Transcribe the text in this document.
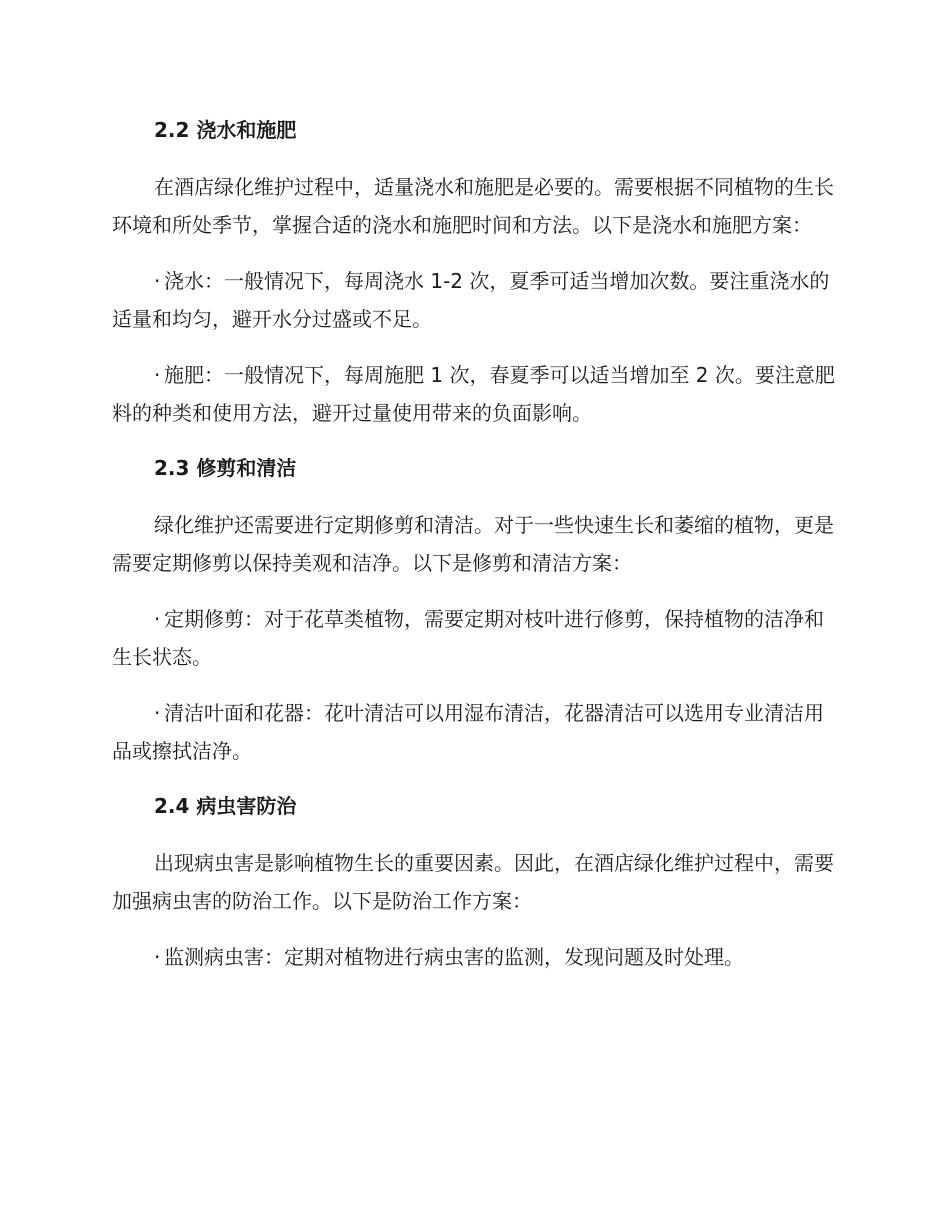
2.2 浇水和施肥

在酒店绿化维护过程中，适量浇水和施肥是必要的。需要根据不同植物的生长环境和所处季节，掌握合适的浇水和施肥时间和方法。以下是浇水和施肥方案：

· 浇水：一般情况下，每周浇水 1-2 次，夏季可适当增加次数。要注重浇水的适量和均匀，避开水分过盛或不足。

· 施肥：一般情况下，每周施肥 1 次，春夏季可以适当增加至 2 次。要注意肥料的种类和使用方法，避开过量使用带来的负面影响。

2.3 修剪和清洁

绿化维护还需要进行定期修剪和清洁。对于一些快速生长和萎缩的植物，更是需要定期修剪以保持美观和洁净。以下是修剪和清洁方案：

· 定期修剪：对于花草类植物，需要定期对枝叶进行修剪，保持植物的洁净和生长状态。

· 清洁叶面和花器：花叶清洁可以用湿布清洁，花器清洁可以选用专业清洁用品或擦拭洁净。

2.4 病虫害防治

出现病虫害是影响植物生长的重要因素。因此，在酒店绿化维护过程中，需要加强病虫害的防治工作。以下是防治工作方案：

· 监测病虫害：定期对植物进行病虫害的监测，发现问题及时处理。
